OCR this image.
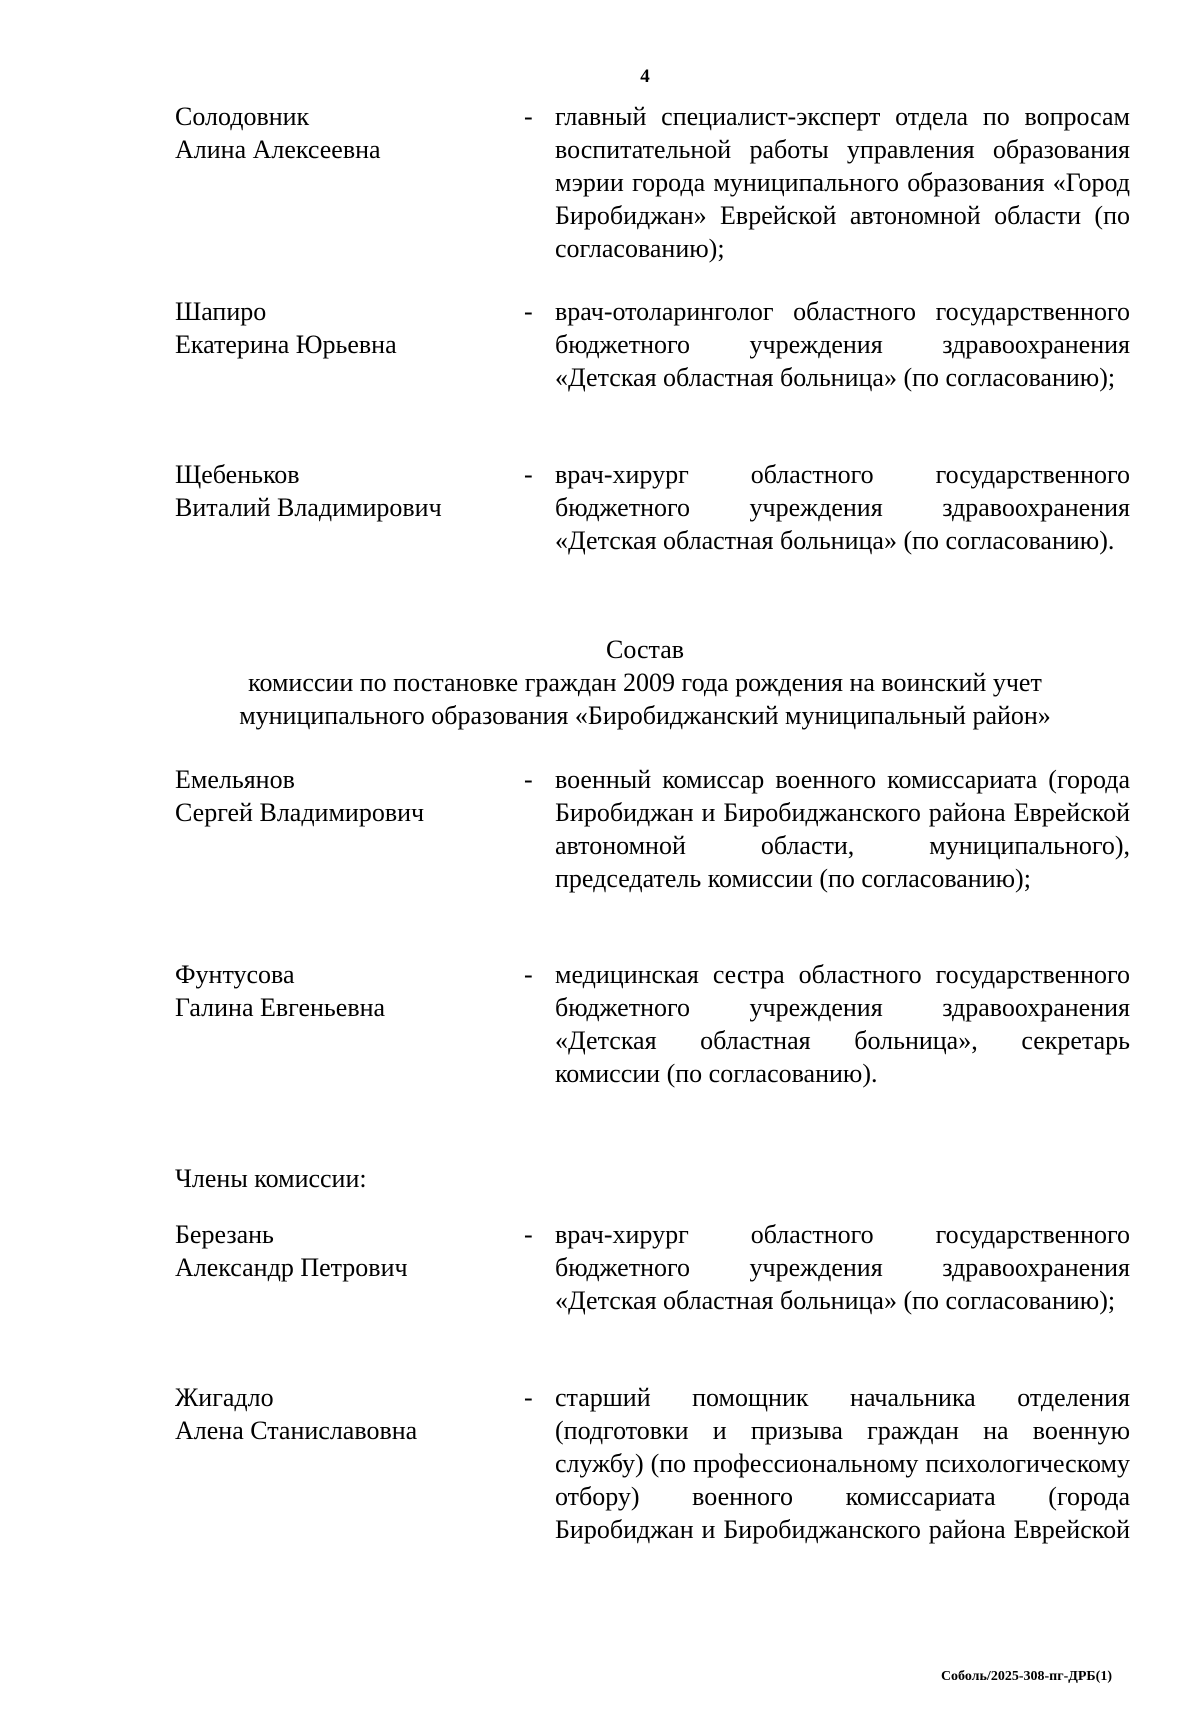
4
Солодовник
Алина Алексеевна
- главный специалист-эксперт отдела по вопросам воспитательной работы управления образования мэрии города муниципального образования «Город Биробиджан» Еврейской автономной области (по согласованию);
Шапиро
Екатерина Юрьевна
- врач-отоларинголог областного государственного бюджетного учреждения здравоохранения «Детская областная больница» (по согласованию);
Щебеньков
Виталий Владимирович
- врач-хирург областного государственного бюджетного учреждения здравоохранения «Детская областная больница» (по согласованию).
Состав
комиссии по постановке граждан 2009 года рождения на воинский учет
муниципального образования «Биробиджанский муниципальный район»
Емельянов
Сергей Владимирович
- военный комиссар военного комиссариата (города Биробиджан и Биробиджанского района Еврейской автономной области, муниципального), председатель комиссии (по согласованию);
Фунтусова
Галина Евгеньевна
- медицинская сестра областного государственного бюджетного учреждения здравоохранения «Детская областная больница», секретарь комиссии (по согласованию).
Члены комиссии:
Березань
Александр Петрович
- врач-хирург областного государственного бюджетного учреждения здравоохранения «Детская областная больница» (по согласованию);
Жигадло
Алена Станиславовна
- старший помощник начальника отделения (подготовки и призыва граждан на военную службу) (по профессиональному психологическому отбору) военного комиссариата (города Биробиджан и Биробиджанского района Еврейской
Соболь/2025-308-пг-ДРБ(1)
